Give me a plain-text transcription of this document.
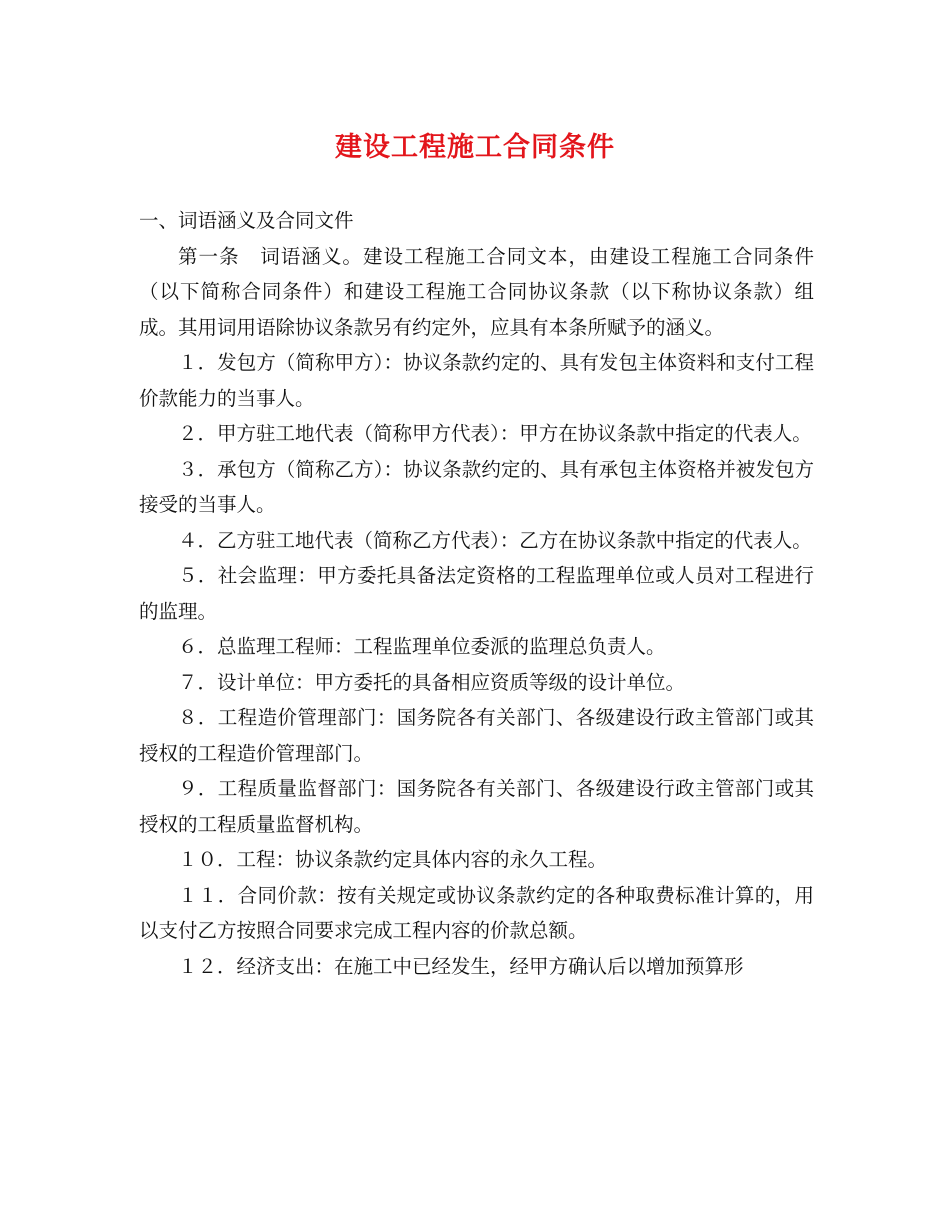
建设工程施工合同条件

一、词语涵义及合同文件

第一条　词语涵义。建设工程施工合同文本，由建设工程施工合同条件（以下简称合同条件）和建设工程施工合同协议条款（以下称协议条款）组成。其用词用语除协议条款另有约定外，应具有本条所赋予的涵义。

１．发包方（简称甲方）：协议条款约定的、具有发包主体资料和支付工程价款能力的当事人。

２．甲方驻工地代表（简称甲方代表）：甲方在协议条款中指定的代表人。

３．承包方（简称乙方）：协议条款约定的、具有承包主体资格并被发包方接受的当事人。

４．乙方驻工地代表（简称乙方代表）：乙方在协议条款中指定的代表人。

５．社会监理：甲方委托具备法定资格的工程监理单位或人员对工程进行的监理。

６．总监理工程师：工程监理单位委派的监理总负责人。

７．设计单位：甲方委托的具备相应资质等级的设计单位。

８．工程造价管理部门：国务院各有关部门、各级建设行政主管部门或其授权的工程造价管理部门。

９．工程质量监督部门：国务院各有关部门、各级建设行政主管部门或其授权的工程质量监督机构。

１０．工程：协议条款约定具体内容的永久工程。

１１．合同价款：按有关规定或协议条款约定的各种取费标准计算的，用以支付乙方按照合同要求完成工程内容的价款总额。

１２．经济支出：在施工中已经发生，经甲方确认后以增加预算形
